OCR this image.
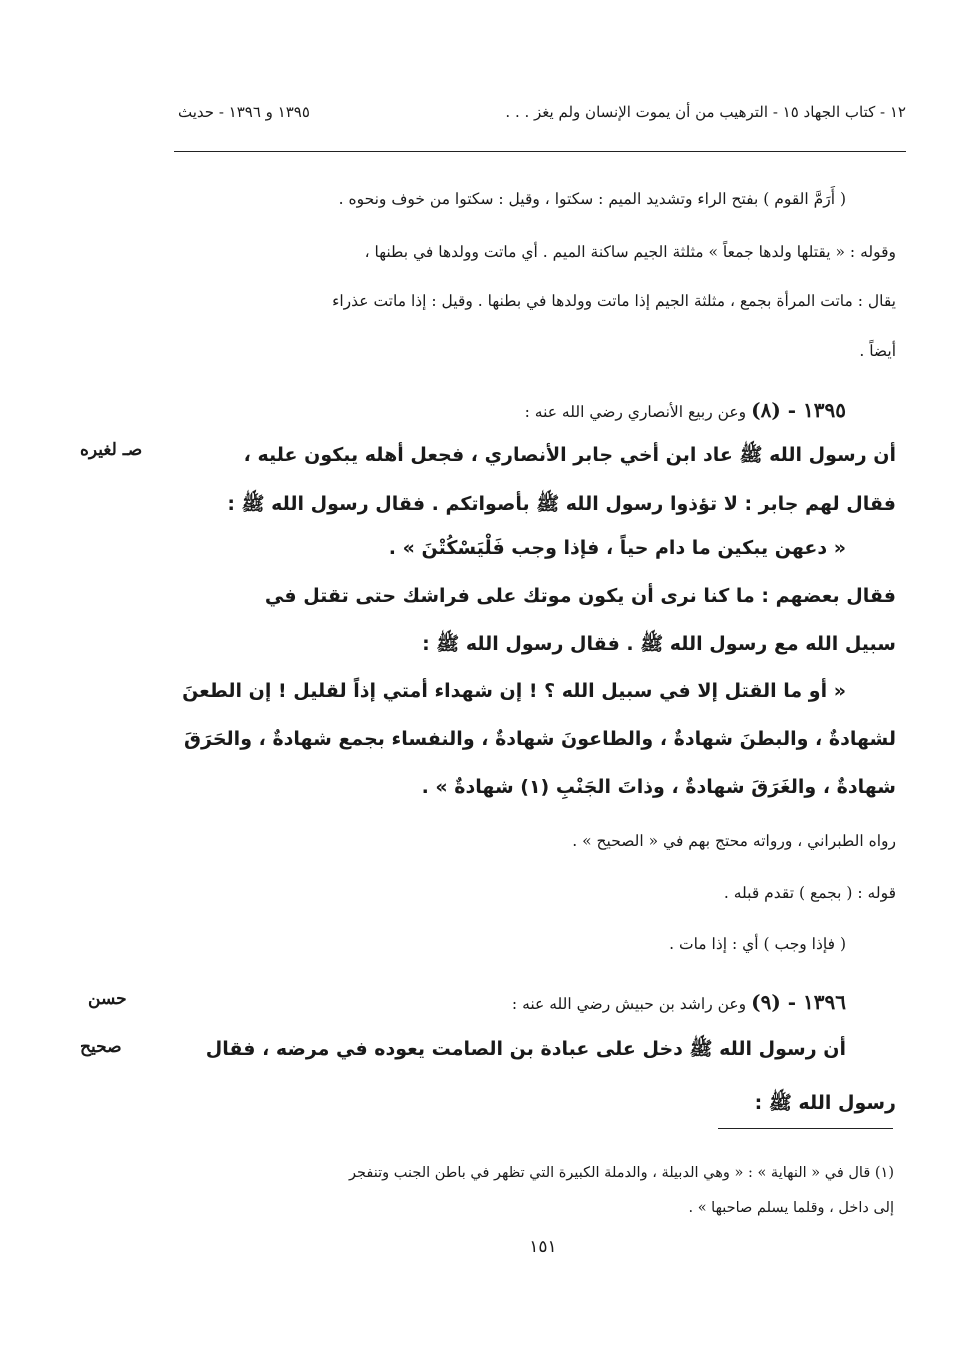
١٢ - كتاب الجهاد ١٥ - الترهيب من أن يموت الإنسان ولم يغز . . .
١٣٩٥ و ١٣٩٦ - حديث
( أَرَمَّ القوم ) بفتح الراء وتشديد الميم : سكتوا ، وقيل : سكتوا من خوف ونحوه .
وقوله : « يقتلها ولدها جمعاً » مثلثة الجيم ساكنة الميم . أي ماتت وولدها في بطنها ،
يقال : ماتت المرأة بجمع ، مثلثة الجيم إذا ماتت وولدها في بطنها . وقيل : إذا ماتت عذراء
أيضاً .
١٣٩٥ - (٨) وعن ربيع الأنصاري رضي الله عنه :
أن رسول الله ﷺ عاد ابن أخي جابر الأنصاري ، فجعل أهله يبكون عليه ،
فقال لهم جابر : لا تؤذوا رسول الله ﷺ بأصواتكم . فقال رسول الله ﷺ :
« دعهن يبكين ما دام حياً ، فإذا وجب فَلْيَسْكُتْنَ » .
فقال بعضهم : ما كنا نرى أن يكون موتك على فراشك حتى تقتل في
سبيل الله مع رسول الله ﷺ . فقال رسول الله ﷺ :
« أو ما القتل إلا في سبيل الله ؟ ! إن شهداء أمتي إذاً لقليل ! إن الطعنَ
لشهادةٌ ، والبطنَ شهادةٌ ، والطاعونَ شهادةٌ ، والنفساء بجمع شهادةٌ ، والحَرَقَ
شهادةٌ ، والغَرَقَ شهادةٌ ، وذاتَ الجَنْبِ (١) شهادةٌ » .
رواه الطبراني ، ورواته محتج بهم في « الصحيح » .
قوله : ( بجمع ) تقدم قبله .
( فإذا وجب ) أي : إذا مات .
١٣٩٦ - (٩) وعن راشد بن حبيش رضي الله عنه :
أن رسول الله ﷺ دخل على عبادة بن الصامت يعوده في مرضه ، فقال
رسول الله ﷺ :
صـ لغيره
حسن
صحيح
(١) قال في « النهاية » : « وهي الدبيلة ، والدملة الكبيرة التي تظهر في باطن الجنب وتنفجر
إلى داخل ، وقلما يسلم صاحبها » .
١٥١
